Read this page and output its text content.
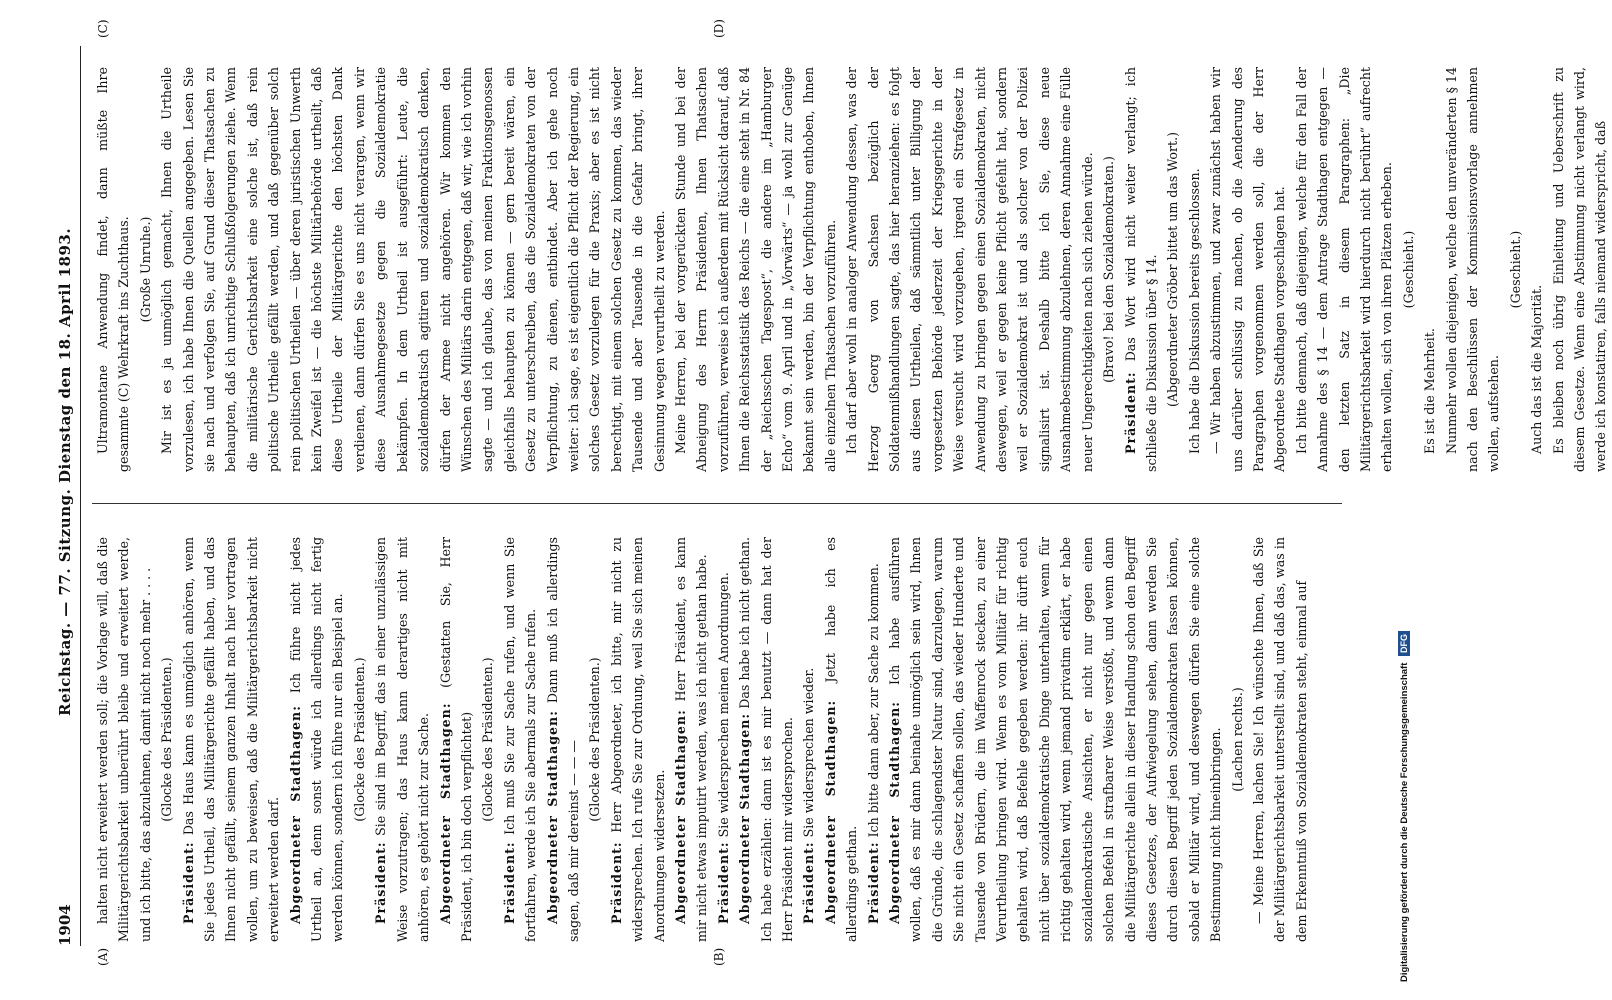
1904
Reichstag. — 77. Sitzung. Dienstag den 18. April 1893.
(A)	(B)
(C)	(D)

halten nicht erweitert werden soll; die Vorlage will, daß die Militärgerichtsbarkeit unberührt bleibe und erweitert werde, und ich bitte, das abzulehnen, damit nicht noch mehr . . . . (Glocke des Präsidenten.)

Präsident: Das Haus kann es unmöglich anhören, wenn Sie jedes Urtheil, das Militärgerichte gefällt haben, und das Ihnen nicht gefällt, seinem ganzen Inhalt nach hier vortragen wollen, um zu beweisen, daß die Militärgerichtsbarkeit nicht erweitert werden darf. Abgeordneter Stadthagen: Ich führe nicht jedes Urtheil an, denn sonst würde ich allerdings nicht fertig werden können, sondern ich führe nur ein Beispiel an. (Glocke des Präsidenten.)

Präsident: Sie sind im Begriff, das in einer unzulässigen Weise vorzutragen; das Haus kann derartiges nicht mit anhören, es gehört nicht zur Sache. Abgeordneter Stadthagen: (Gestatten Sie, Herr Präsident, ich bin doch verpflichtet) (Glocke des Präsidenten.)

Präsident: Ich muß Sie zur Sache rufen, und wenn Sie fortfahren, werde ich Sie abermals zur Sache rufen. Abgeordneter Stadthagen: Dann muß ich allerdings sagen, daß mir dereinst — — —

(Glocke des Präsidenten.)

Präsident: Herr Abgeordneter, ich bitte, mir nicht zu widersprechen. Ich rufe Sie zur Ordnung, weil Sie sich meinen Anordnungen widersetzen. Abgeordneter Stadthagen: Herr Präsident, es kann mir nicht etwas imputirt werden, was ich nicht gethan habe. Präsident: Sie widersprechen meinen Anordnungen. Abgeordneter Stadthagen: Das habe ich nicht gethan. Ich habe erzählen: dann ist es mir benutzt — dann hat der Herr Präsident mir widersprochen. Präsident: Sie widersprechen wieder. Abgeordneter Stadthagen: Jetzt habe ich es allerdings gethan. Präsident: Ich bitte dann aber, zur Sache zu kommen. Abgeordneter Stadthagen: Ich habe ausführen wollen, daß es mir dann beinahe unmöglich sein wird, Ihnen die Gründe, die schlagendster Natur sind, darzulegen, warum Sie nicht ein Gesetz schaffen sollen, das wieder Hunderte und Tausende von Brüdern, die im Waffenrock stecken, zu einer Verurtheilung bringen wird. Wenn es vom Militär für richtig gehalten wird, daß Befehle gegeben werden: ihr dürft euch nicht über sozialdemokratische Dinge unterhalten, wenn für richtig gehalten wird, wenn jemand privatim erklärt, er habe sozialdemokratische Ansichten, er nicht nur gegen einen solchen Befehl in strafbarer Weise verstößt, und wenn dann die Militärgerichte allein in dieser Handlung schon den Begriff dieses Gesetzes, der Aufwiegelung sehen, dann werden Sie durch diesen Begriff jeden Sozialdemokraten fassen können, sobald er Militär wird, und deswegen dürfen Sie eine solche Bestimmung nicht hineinbringen. (Lachen rechts.) — Meine Herren, lachen Sie! Ich wünschte Ihnen, daß Sie der Militärgerichtsbarkeit unterstellt sind, und daß das, was in dem Erkenntniß von Sozialdemokraten steht, einmal auf

Ultramontane Anwendung findet, dann müßte Ihre gesammte (C) Wehrkraft ins Zuchthaus. (Große Unruhe.) Mir ist es ja unmöglich gemacht, Ihnen die Urtheile vorzulesen, ich habe Ihnen die Quellen angegeben. Lesen Sie sie nach und verfolgen Sie, auf Grund dieser Thatsachen zu behaupten, daß ich unrichtige Schlußfolgerungen ziehe. Wenn die militärische Gerichtsbarkeit eine solche ist, daß rein politische Urtheile gefällt werden, und daß gegenüber solch rein politischen Urtheilen — über deren juristischen Unwerth kein Zweifel ist — die höchste Militärbehörde urtheilt, daß diese Urtheile der Militärgerichte den höchsten Dank verdienen, dann dürfen Sie es uns nicht verargen, wenn wir diese Ausnahmegesetze gegen die Sozialdemokratie bekämpfen. In dem Urtheil ist ausgeführt: Leute, die sozialdemokratisch agitiren und sozialdemokratisch denken, dürfen der Armee nicht angehören. Wir kommen den Wünschen des Militärs darin entgegen, daß wir, wie ich vorhin sagte — und ich glaube, das von meinen Fraktionsgenossen gleichfalls behaupten zu können — gern bereit wären, ein Gesetz zu unterschreiben, das die Sozialdemokraten von der Verpflichtung, zu dienen, entbindet. Aber ich gehe noch weiter: ich sage, es ist eigentlich die Pflicht der Regierung, ein solches Gesetz vorzulegen für die Praxis; aber es ist nicht berechtigt, mit einem solchen Gesetz zu kommen, das wieder Tausende und aber Tausende in die Gefahr bringt, ihrer Gesinnung wegen verurtheilt zu werden. Meine Herren, bei der vorgerückten Stunde und bei der Abneigung des Herrn Präsidenten, Ihnen Thatsachen vorzuführen, verweise ich außerdem mit Rücksicht darauf, daß Ihnen die Reichsstatistik des Reichs — die eine steht in Nr. 84 der „Reichsschen Tagespost“, die andere im „Hamburger Echo“ vom 9. April und in „Vorwärts“ — ja wohl zur Genüge bekannt sein werden, bin der Verpflichtung enthoben, Ihnen alle einzelnen Thatsachen vorzuführen. Ich darf aber wohl in analoger Anwendung dessen, was der Herzog Georg von Sachsen bezüglich der Soldatenmißhandlungen sagte, das hier heranziehen: es folgt aus diesen Urtheilen, daß sämmtlich unter Billigung der vorgesetzten Behörde jederzeit der Kriegsgerichte in der Weise versucht wird vorzugehen, irgend ein Strafgesetz in Anwendung zu bringen gegen einen Sozialdemokraten, nicht deswegen, weil er gegen keine Pflicht gefehlt hat, sondern weil er Sozialdemokrat ist und als solcher von der Polizei signalisirt ist. Deshalb bitte ich Sie, diese neue Ausnahmebestimmung abzulehnen, deren Annahme eine Fülle neuer Ungerechtigkeiten nach sich ziehen würde. (Bravo! bei den Sozialdemokraten.)

Präsident: Das Wort wird nicht weiter verlangt; ich schließe die Diskussion über § 14. (Abgeordneter Gröber bittet um das Wort.) Ich habe die Diskussion bereits geschlossen. — Wir haben abzustimmen, und zwar zunächst haben wir uns darüber schlüssig zu machen, ob die Aenderung des Paragraphen vorgenommen werden soll, die der Herr Abgeordnete Stadthagen vorgeschlagen hat. Ich bitte demnach, daß diejenigen, welche für den Fall der Annahme des § 14 — dem Antrage Stadthagen entgegen — den letzten Satz in diesem Paragraphen: „Die Militärgerichtsbarkeit wird hierdurch nicht berührt“ aufrecht erhalten wollen, sich von ihren Plätzen erheben. (Geschieht.)

Es ist die Mehrheit. Nunmehr wollen diejenigen, welche den unveränderten § 14 nach den Beschlüssen der Kommissionsvorlage annehmen wollen, aufstehen.

(Geschieht.)

Auch das ist die Majorität. Es bleiben noch übrig Einleitung und Ueberschrift zu diesem Gesetze. Wenn eine Abstimmung nicht verlangt wird, werde ich konstatiren, falls niemand widerspricht, daß

Digitalisierung gefördert durch die Deutsche Forschungsgemeinschaft DFG
